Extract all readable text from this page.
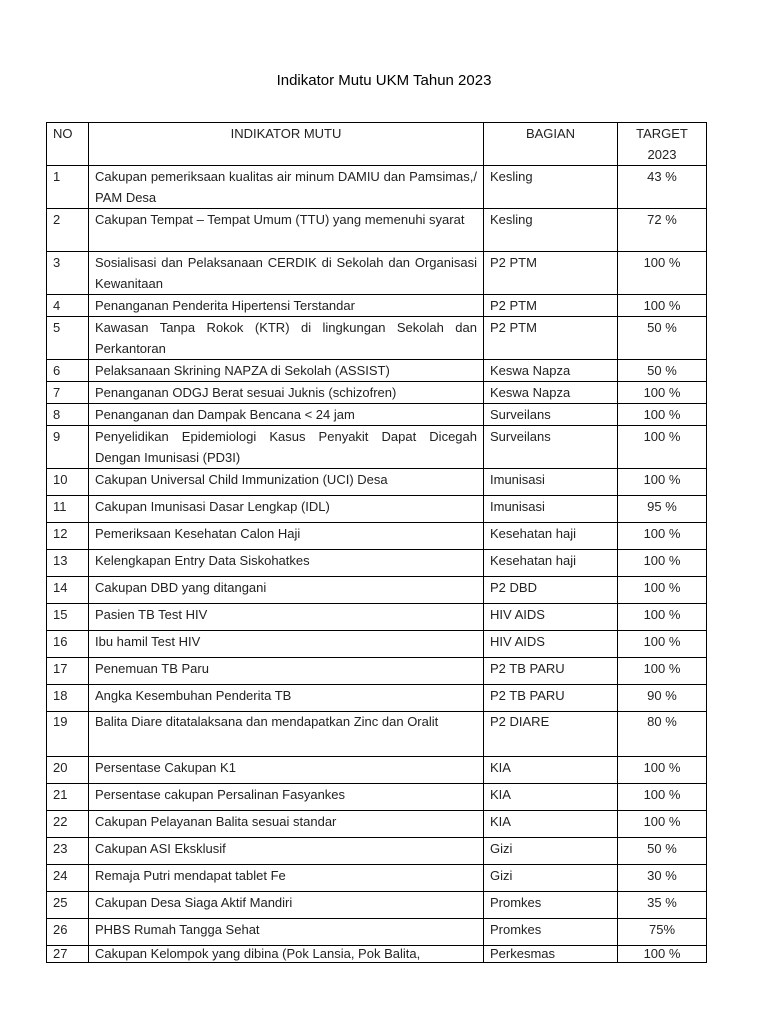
Indikator Mutu UKM Tahun 2023
NO	INDIKATOR MUTU	BAGIAN	TARGET
2023

1	Cakupan pemeriksaan kualitas air minum DAMIU dan Pamsimas,/ PAM Desa	Kesling	43 %
2	Cakupan Tempat – Tempat Umum (TTU) yang memenuhi syarat	Kesling	72 %
3	Sosialisasi dan Pelaksanaan CERDIK di Sekolah dan Organisasi Kewanitaan	P2 PTM	100 %
4	Penanganan Penderita Hipertensi Terstandar	P2 PTM	100 %
5	Kawasan Tanpa Rokok (KTR) di lingkungan Sekolah dan Perkantoran	P2 PTM	50 %
6	Pelaksanaan Skrining NAPZA di Sekolah (ASSIST)	Keswa Napza	50 %
7	Penanganan ODGJ Berat sesuai Juknis (schizofren)	Keswa Napza	100 %
8	Penanganan dan Dampak Bencana < 24 jam	Surveilans	100 %
9	Penyelidikan Epidemiologi Kasus Penyakit Dapat Dicegah Dengan Imunisasi (PD3I)	Surveilans	100 %
10	Cakupan Universal Child Immunization (UCI) Desa	Imunisasi	100 %
11	Cakupan Imunisasi Dasar Lengkap (IDL)	Imunisasi	95 %
12	Pemeriksaan Kesehatan Calon Haji	Kesehatan haji	100 %
13	Kelengkapan Entry Data Siskohatkes	Kesehatan haji	100 %
14	Cakupan DBD yang ditangani	P2 DBD	100 %
15	Pasien TB Test HIV	HIV AIDS	100 %
16	Ibu hamil Test HIV	HIV AIDS	100 %
17	Penemuan TB Paru	P2 TB PARU	100 %
18	Angka Kesembuhan Penderita TB	P2 TB PARU	90 %
19	Balita Diare ditatalaksana dan mendapatkan Zinc dan Oralit	P2 DIARE	80 %
20	Persentase Cakupan K1	KIA	100 %
21	Persentase cakupan Persalinan Fasyankes	KIA	100 %
22	Cakupan Pelayanan Balita sesuai standar	KIA	100 %
23	Cakupan ASI Eksklusif	Gizi	50 %
24	Remaja Putri mendapat tablet Fe	Gizi	30 %
25	Cakupan Desa Siaga Aktif Mandiri	Promkes	35 %
26	PHBS Rumah Tangga Sehat	Promkes	75%
27	Cakupan Kelompok yang dibina (Pok Lansia, Pok Balita,	Perkesmas	100 %
